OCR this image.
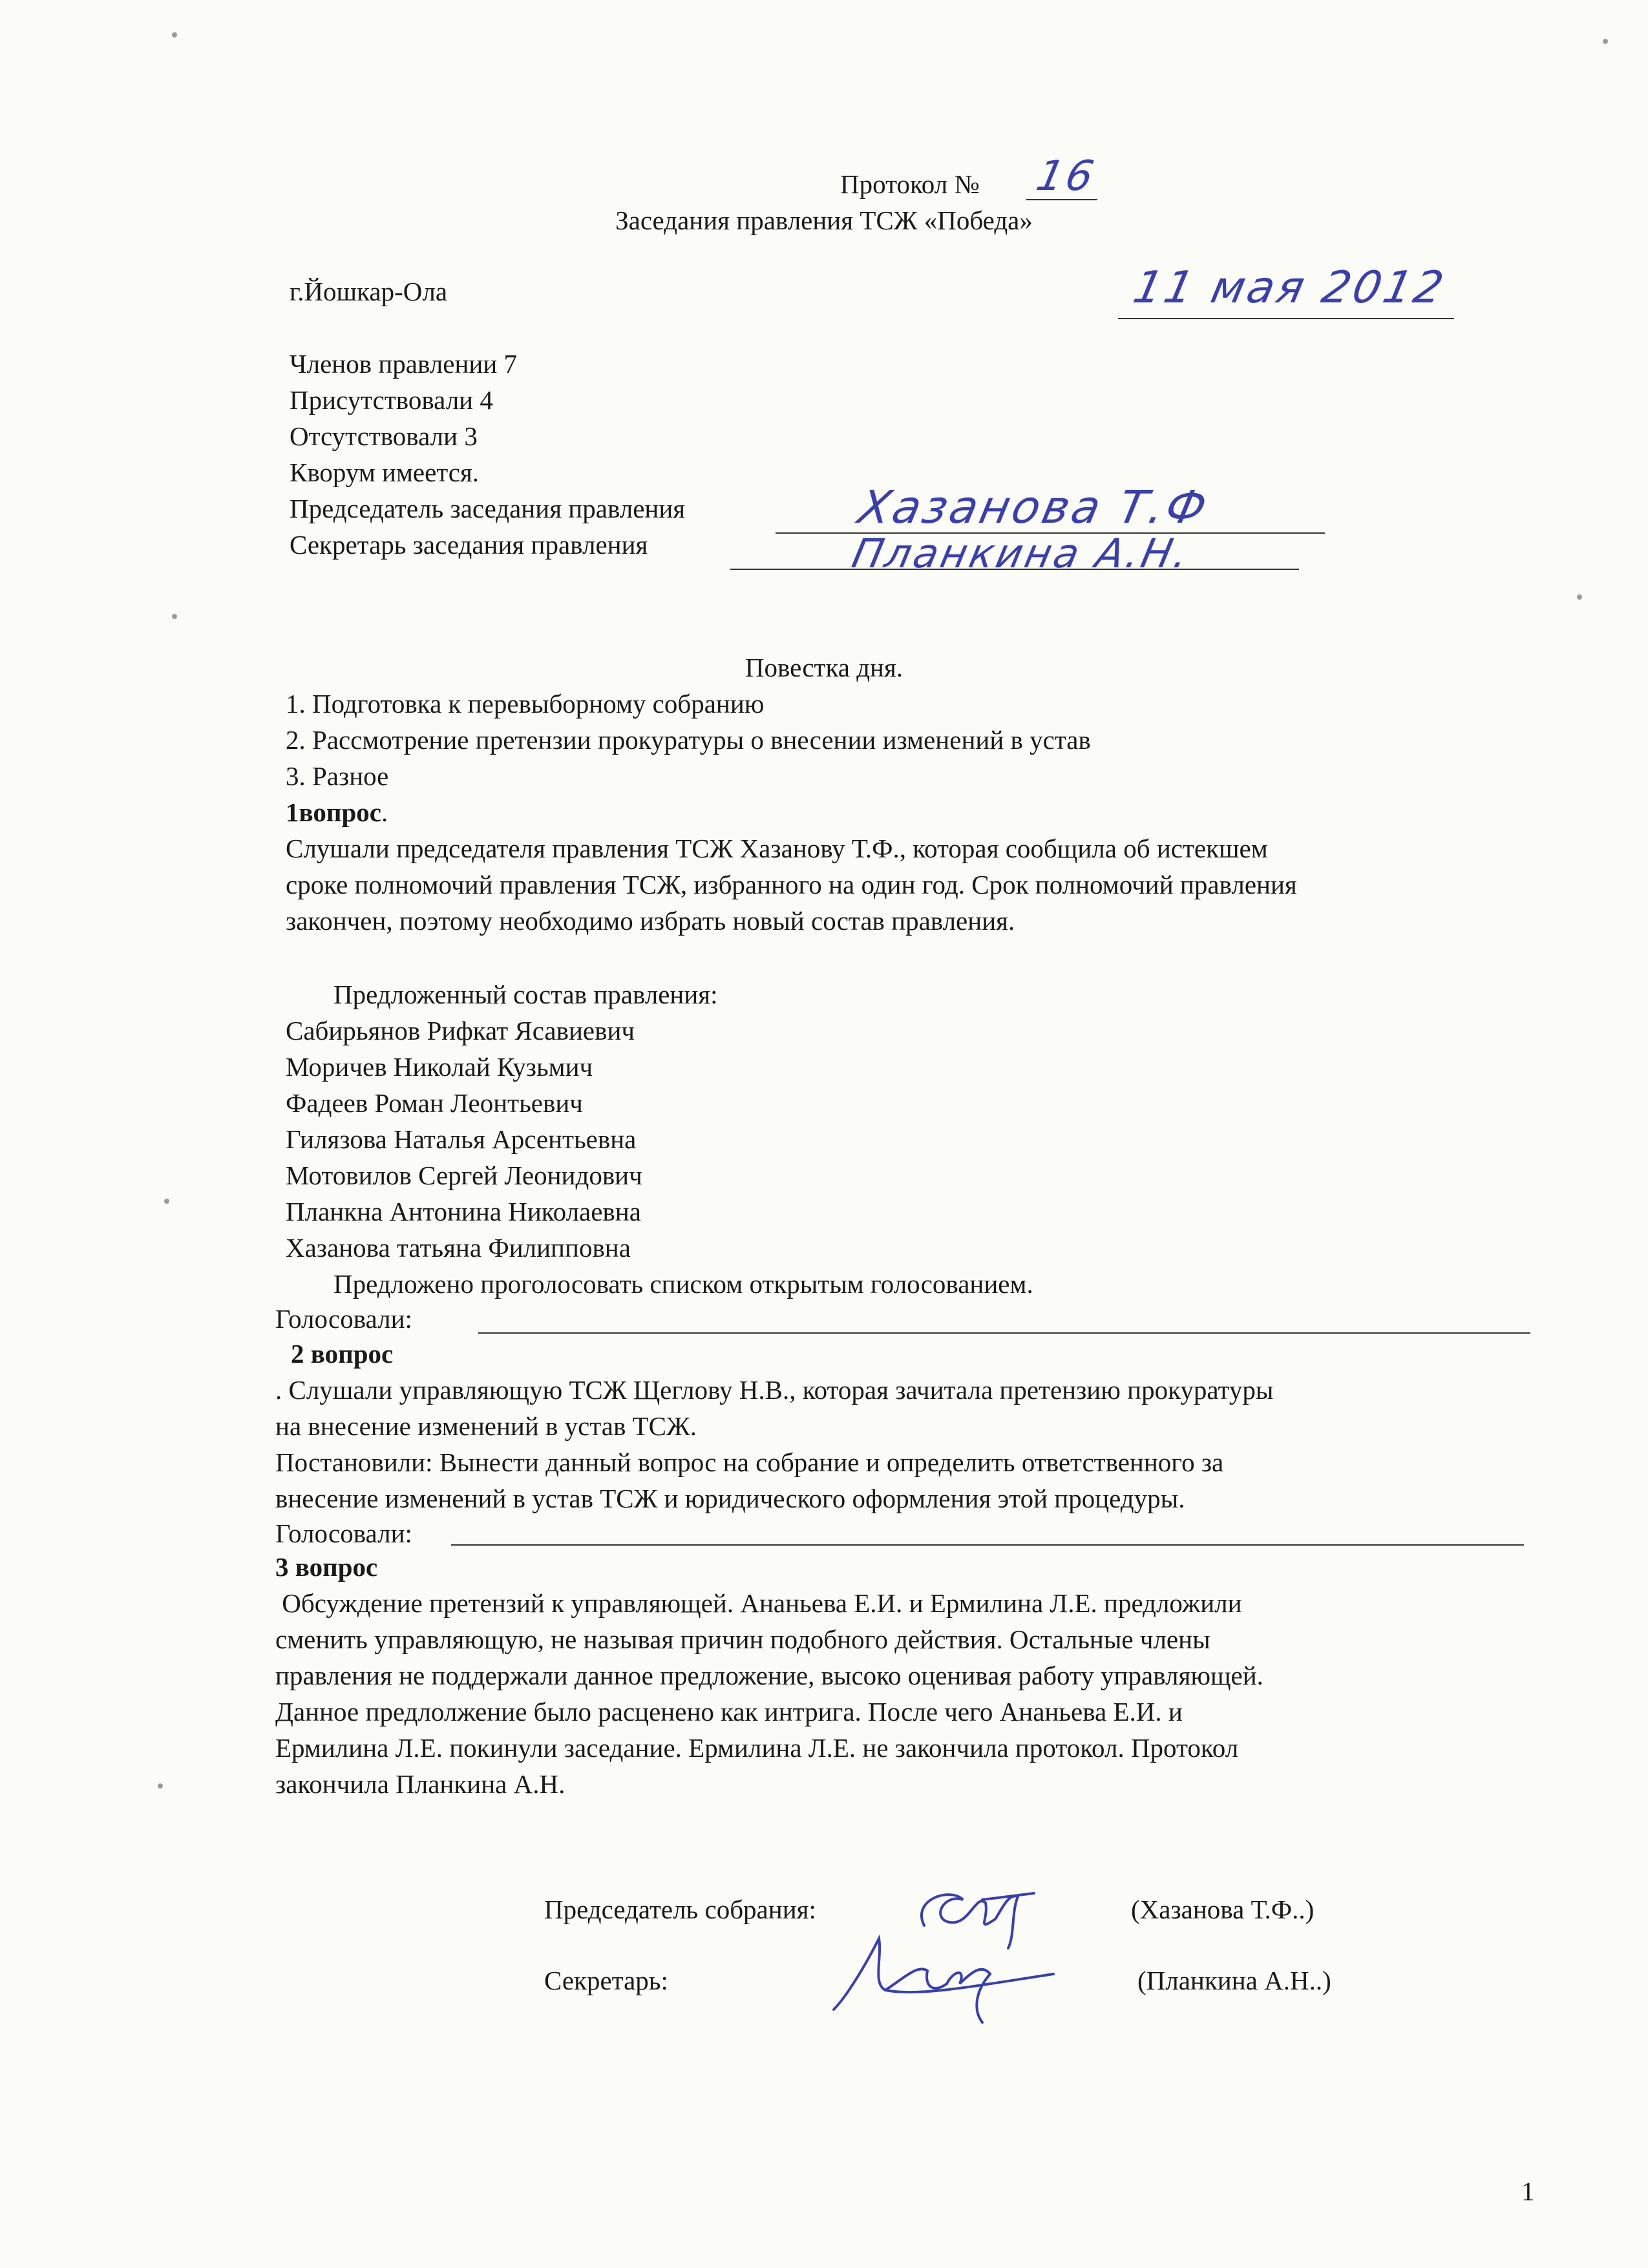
Протокол № 16
Заседания правления ТСЖ «Победа»
г.Йошкар-Ола	11 мая 2012
Членов правлении 7
Присутствовали 4
Отсутствовали 3
Кворум имеется.
Председатель заседания правления	Хазанова Т.Ф
Секретарь заседания правления	Планкина А.Н.
Повестка дня.
1. Подготовка к перевыборному собранию
2. Рассмотрение претензии прокуратуры о внесении изменений в устав
3. Разное
1вопрос.
Слушали председателя правления ТСЖ Хазанову Т.Ф., которая сообщила об истекшем
сроке полномочий правления ТСЖ, избранного на один год. Срок полномочий правления
закончен, поэтому необходимо избрать новый состав правления.
Предложенный состав правления:
Сабирьянов Рифкат Ясавиевич
Моричев Николай Кузьмич
Фадеев Роман Леонтьевич
Гилязова Наталья Арсентьевна
Мотовилов Сергей Леонидович
Планкна Антонина Николаевна
Хазанова татьяна Филипповна
Предложено проголосовать списком открытым голосованием.
Голосовали:
2 вопрос
. Слушали управляющую ТСЖ Щеглову Н.В., которая зачитала претензию прокуратуры
на внесение изменений в устав ТСЖ.
Постановили: Вынести данный вопрос на собрание и определить ответственного за
внесение изменений в устав ТСЖ и юридического оформления этой процедуры.
Голосовали:
3 вопрос
Обсуждение претензий к управляющей. Ананьева Е.И. и Ермилина Л.Е. предложили
сменить управляющую, не называя причин подобного действия. Остальные члены
правления не поддержали данное предложение, высоко оценивая работу управляющей.
Данное предлолжение было расценено как интрига. После чего Ананьева Е.И. и
Ермилина Л.Е. покинули заседание. Ермилина Л.Е. не закончила протокол. Протокол
закончила Планкина А.Н.
Председатель собрания:	(Хазанова Т.Ф..)
Секретарь:	(Планкина А.Н..)
1
